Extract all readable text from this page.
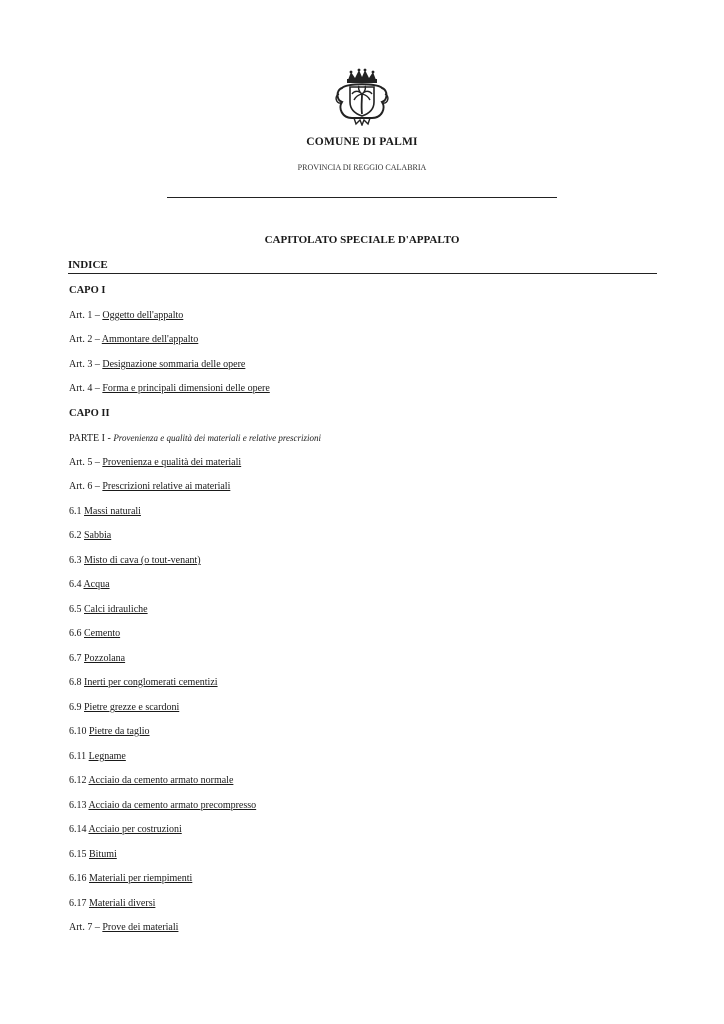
COMUNE DI PALMI
PROVINCIA DI REGGIO CALABRIA
CAPITOLATO SPECIALE D'APPALTO
INDICE
CAPO I
Art. 1 – Oggetto dell'appalto
Art. 2 – Ammontare dell'appalto
Art. 3 – Designazione sommaria delle opere
Art. 4 – Forma e principali dimensioni delle opere
CAPO II
PARTE I - Provenienza e qualità dei materiali e relative prescrizioni
Art. 5 – Provenienza e qualità dei materiali
Art. 6 – Prescrizioni relative ai materiali
6.1 Massi naturali
6.2 Sabbia
6.3 Misto di cava (o tout-venant)
6.4 Acqua
6.5 Calci idrauliche
6.6 Cemento
6.7 Pozzolana
6.8 Inerti per conglomerati cementizi
6.9 Pietre grezze e scardoni
6.10 Pietre da taglio
6.11 Legname
6.12 Acciaio da cemento armato normale
6.13 Acciaio da cemento armato precompresso
6.14 Acciaio per costruzioni
6.15 Bitumi
6.16 Materiali per riempimenti
6.17 Materiali diversi
Art. 7 – Prove dei materiali
